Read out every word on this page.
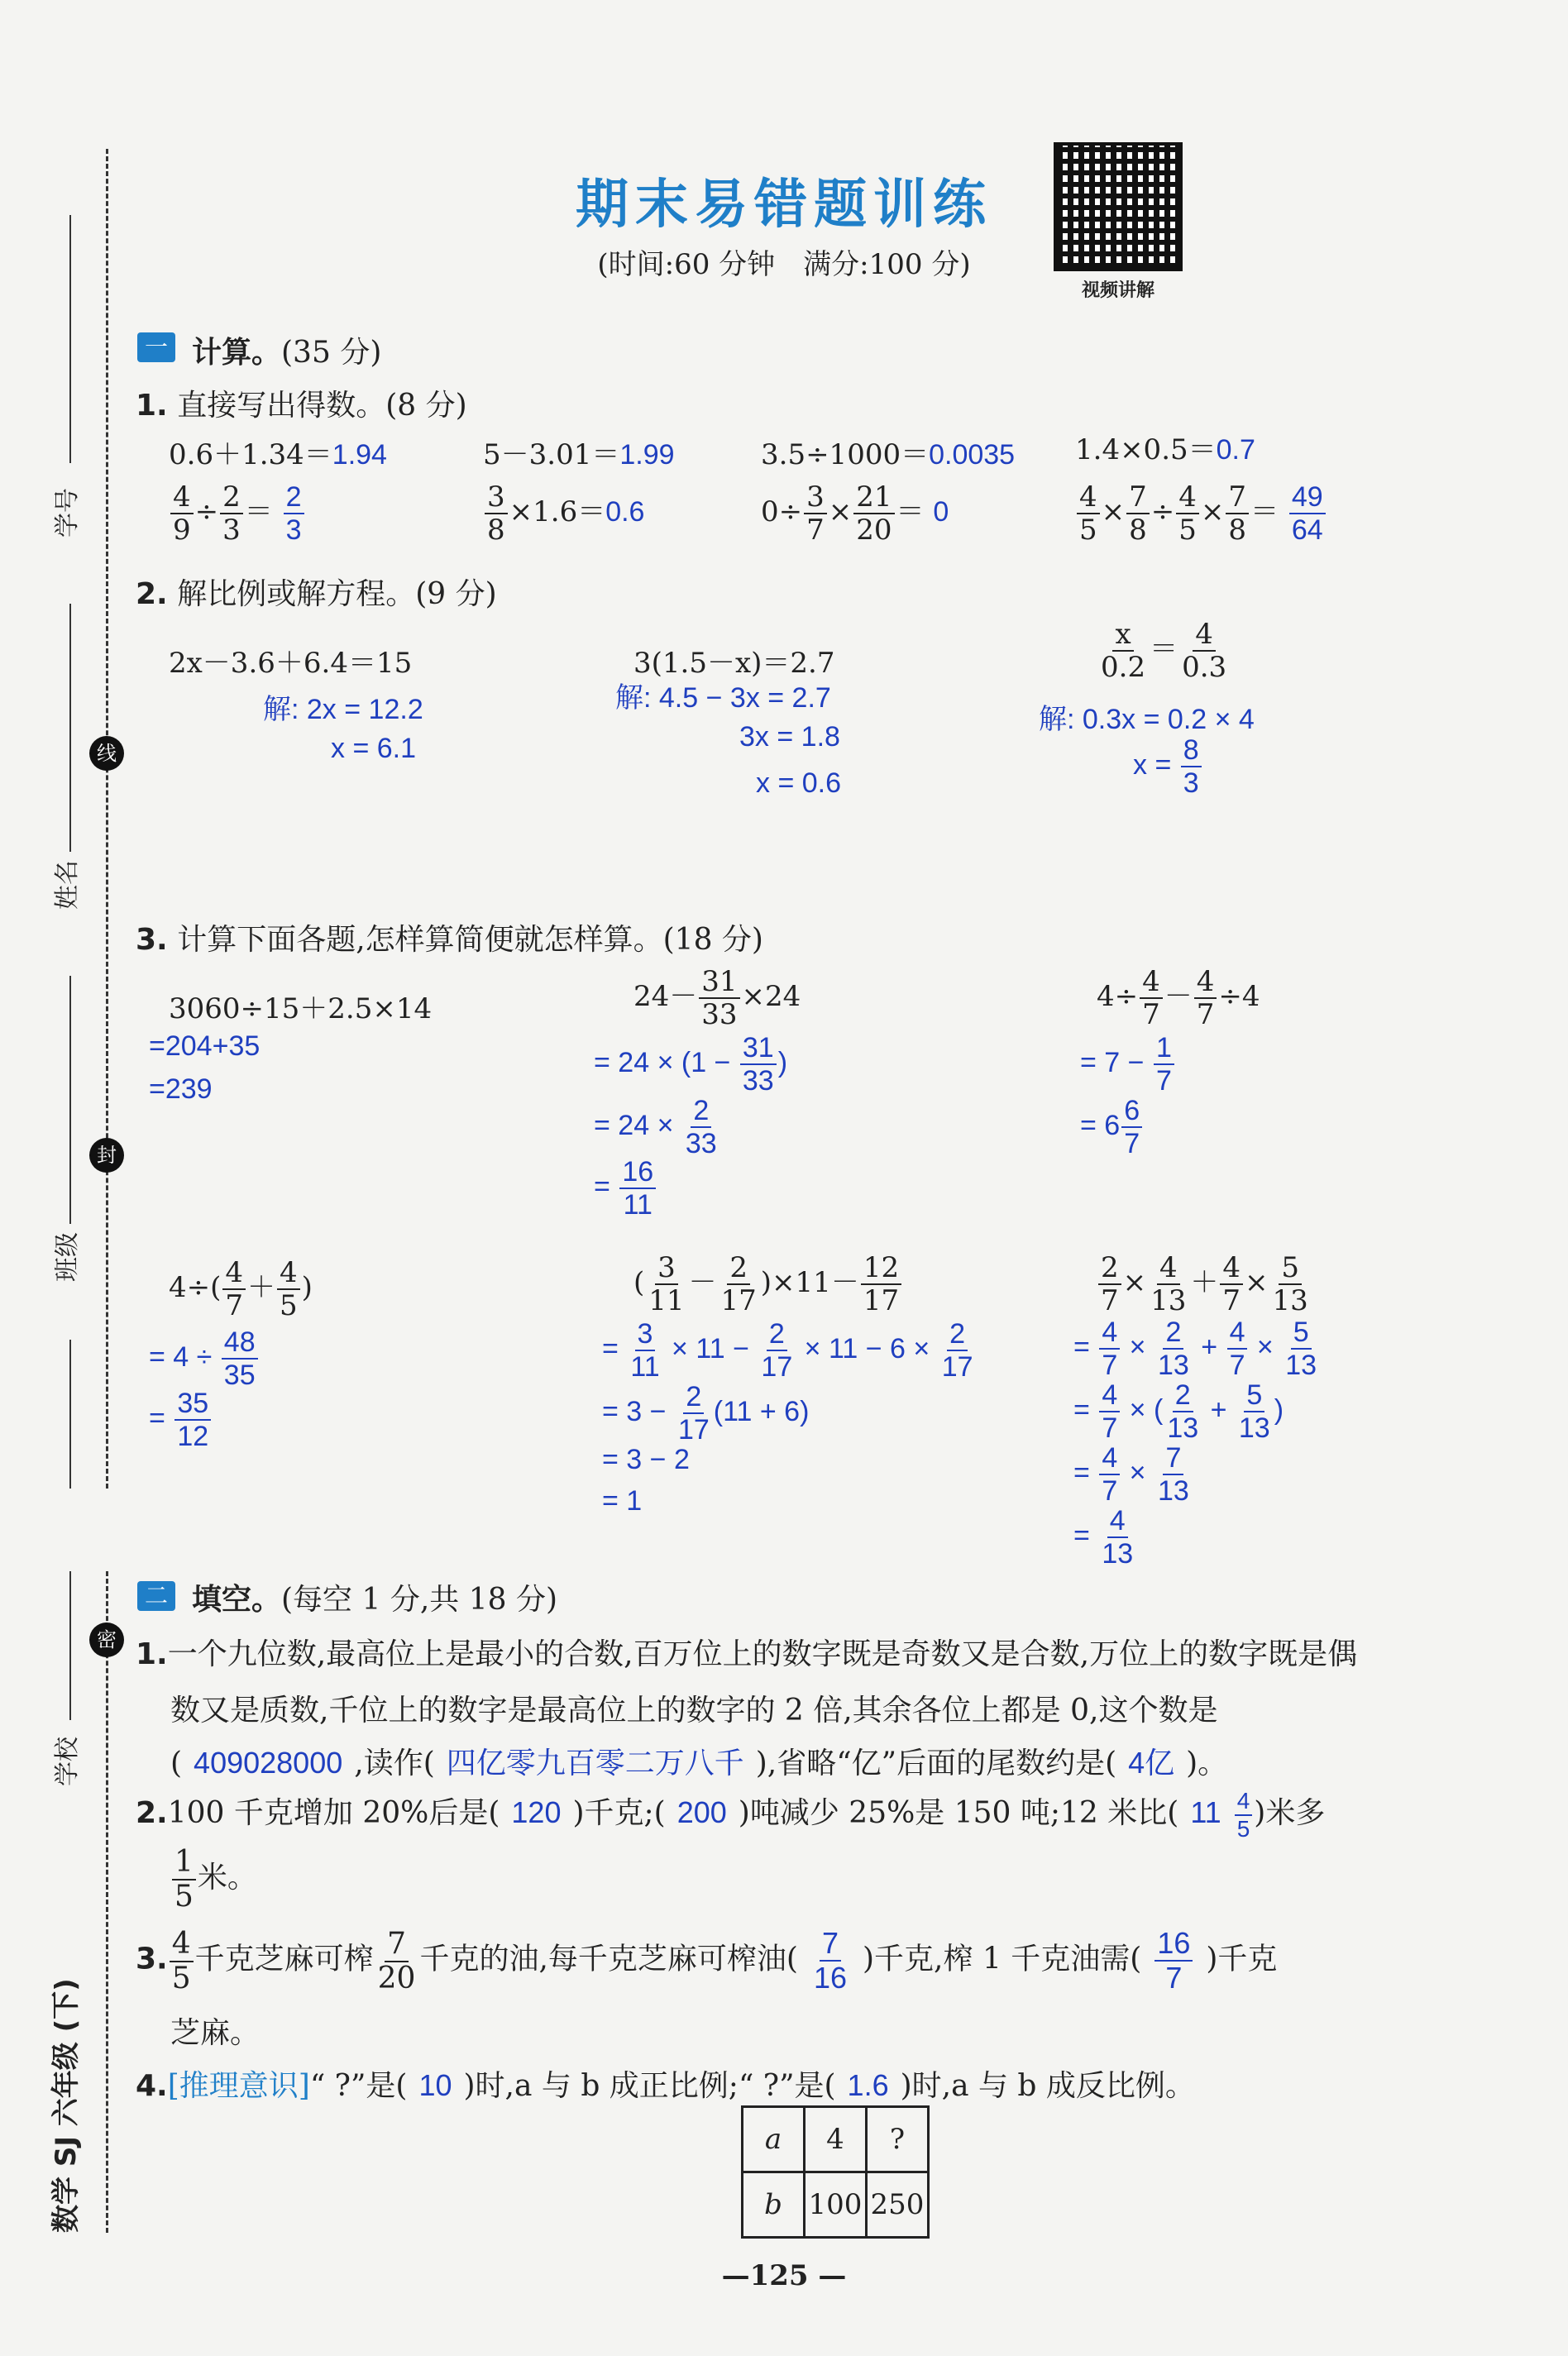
学号
姓名
班级
学校
数学 SJ 六年级 (下)
线
封
密
期末易错题训练
(时间:60 分钟　满分:100 分)
视频讲解
一 计算。(35 分)
1. 直接写出得数。(8 分)
0.6＋1.34＝1.94	5－3.01＝1.99	3.5÷1000＝0.0035 1.4×0.5＝0.7
$\frac{4}{9} \div \frac{2}{3} = \frac{2}{3}$	$\frac{3}{8} \times 1.6=0.6$	$0\div \frac{3}{7} \times \frac{21}{20} = 0$	$\frac{4}{5} \times \frac{7}{8} \div \frac{4}{5} \times \frac{7}{8} = \frac{49}{64}$
2. 解比例或解方程。(9 分)
2x－3.6＋6.4＝15
解: 2x = 12.2
x = 6.1
3(1.5－x)＝2.7
解: 4.5 − 3x = 2.7
3x = 1.8
x = 0.6
$\frac{x}{0.2} = \frac{4}{0.3}$
解: 0.3x = 0.2 × 4
$x = \frac{8}{3}$
3. 计算下面各题,怎样算简便就怎样算。(18 分)
3060÷15＋2.5×14
=204+35
=239
$24- \frac{31}{33} \times 24$
= $24 \times (1 - \frac{31}{33}$ )
= $24 \times \frac{2}{33}$
= $\frac{16}{11}$
$4\div \frac{4}{7} - \frac{4}{7} \div 4$
= $7 - \frac{1}{7}$
= $6 \frac{6}{7}$
$4\div( \frac{4}{7} + \frac{4}{5}$ )
= $4 \div \frac{48}{35}$
= $\frac{35}{12}$
( $\frac{3}{11} - \frac{2}{17} )\times 11- \frac{12}{17}$
= $\frac{3}{11} \times 11 - \frac{2}{17} \times 11 - 6 \times \frac{2}{17}$
= $3 - \frac{2}{17} (11 + 6)$
= 3 − 2
= 1
$\frac{2}{7} \times \frac{4}{13} + \frac{4}{7} \times \frac{5}{13}$
= $\frac{4}{7} \times \frac{2}{13} + \frac{4}{7} \times \frac{5}{13}$
= $\frac{4}{7}$ × ( $\frac{2}{13} + \frac{5}{13}$ )
= $\frac{4}{7} \times \frac{7}{13}$
= $\frac{4}{13}$
二 填空。(每空 1 分,共 18 分)
1.一个九位数,最高位上是最小的合数,百万位上的数字既是奇数又是合数,万位上的数字既是偶
数又是质数,千位上的数字是最高位上的数字的 2 倍,其余各位上都是 0,这个数是
( 409028000 ,读作( 四亿零九百零二万八千 ),省略“亿”后面的尾数约是( 4亿 )。
2.100 千克增加 20%后是( 120 )千克;( 200 )吨减少 25%是 150 吨;12 米比( $11 \frac{4}{5}$ )米多
$\frac{1}{5}$ 米。
3. $\frac{4}{5}$ 千克芝麻可榨 $\frac{7}{20}$ 千克的油,每千克芝麻可榨油( $\frac{7}{16}$ )千克,榨 1 千克油需( $\frac{16}{7}$ )千克
芝麻。
4.[推理意识]“ ?”是( 10 )时,a 与 b 成正比例;“ ?”是( 1.6 )时,a 与 b 成反比例。
a	4	?
b	100	250
—125 —
